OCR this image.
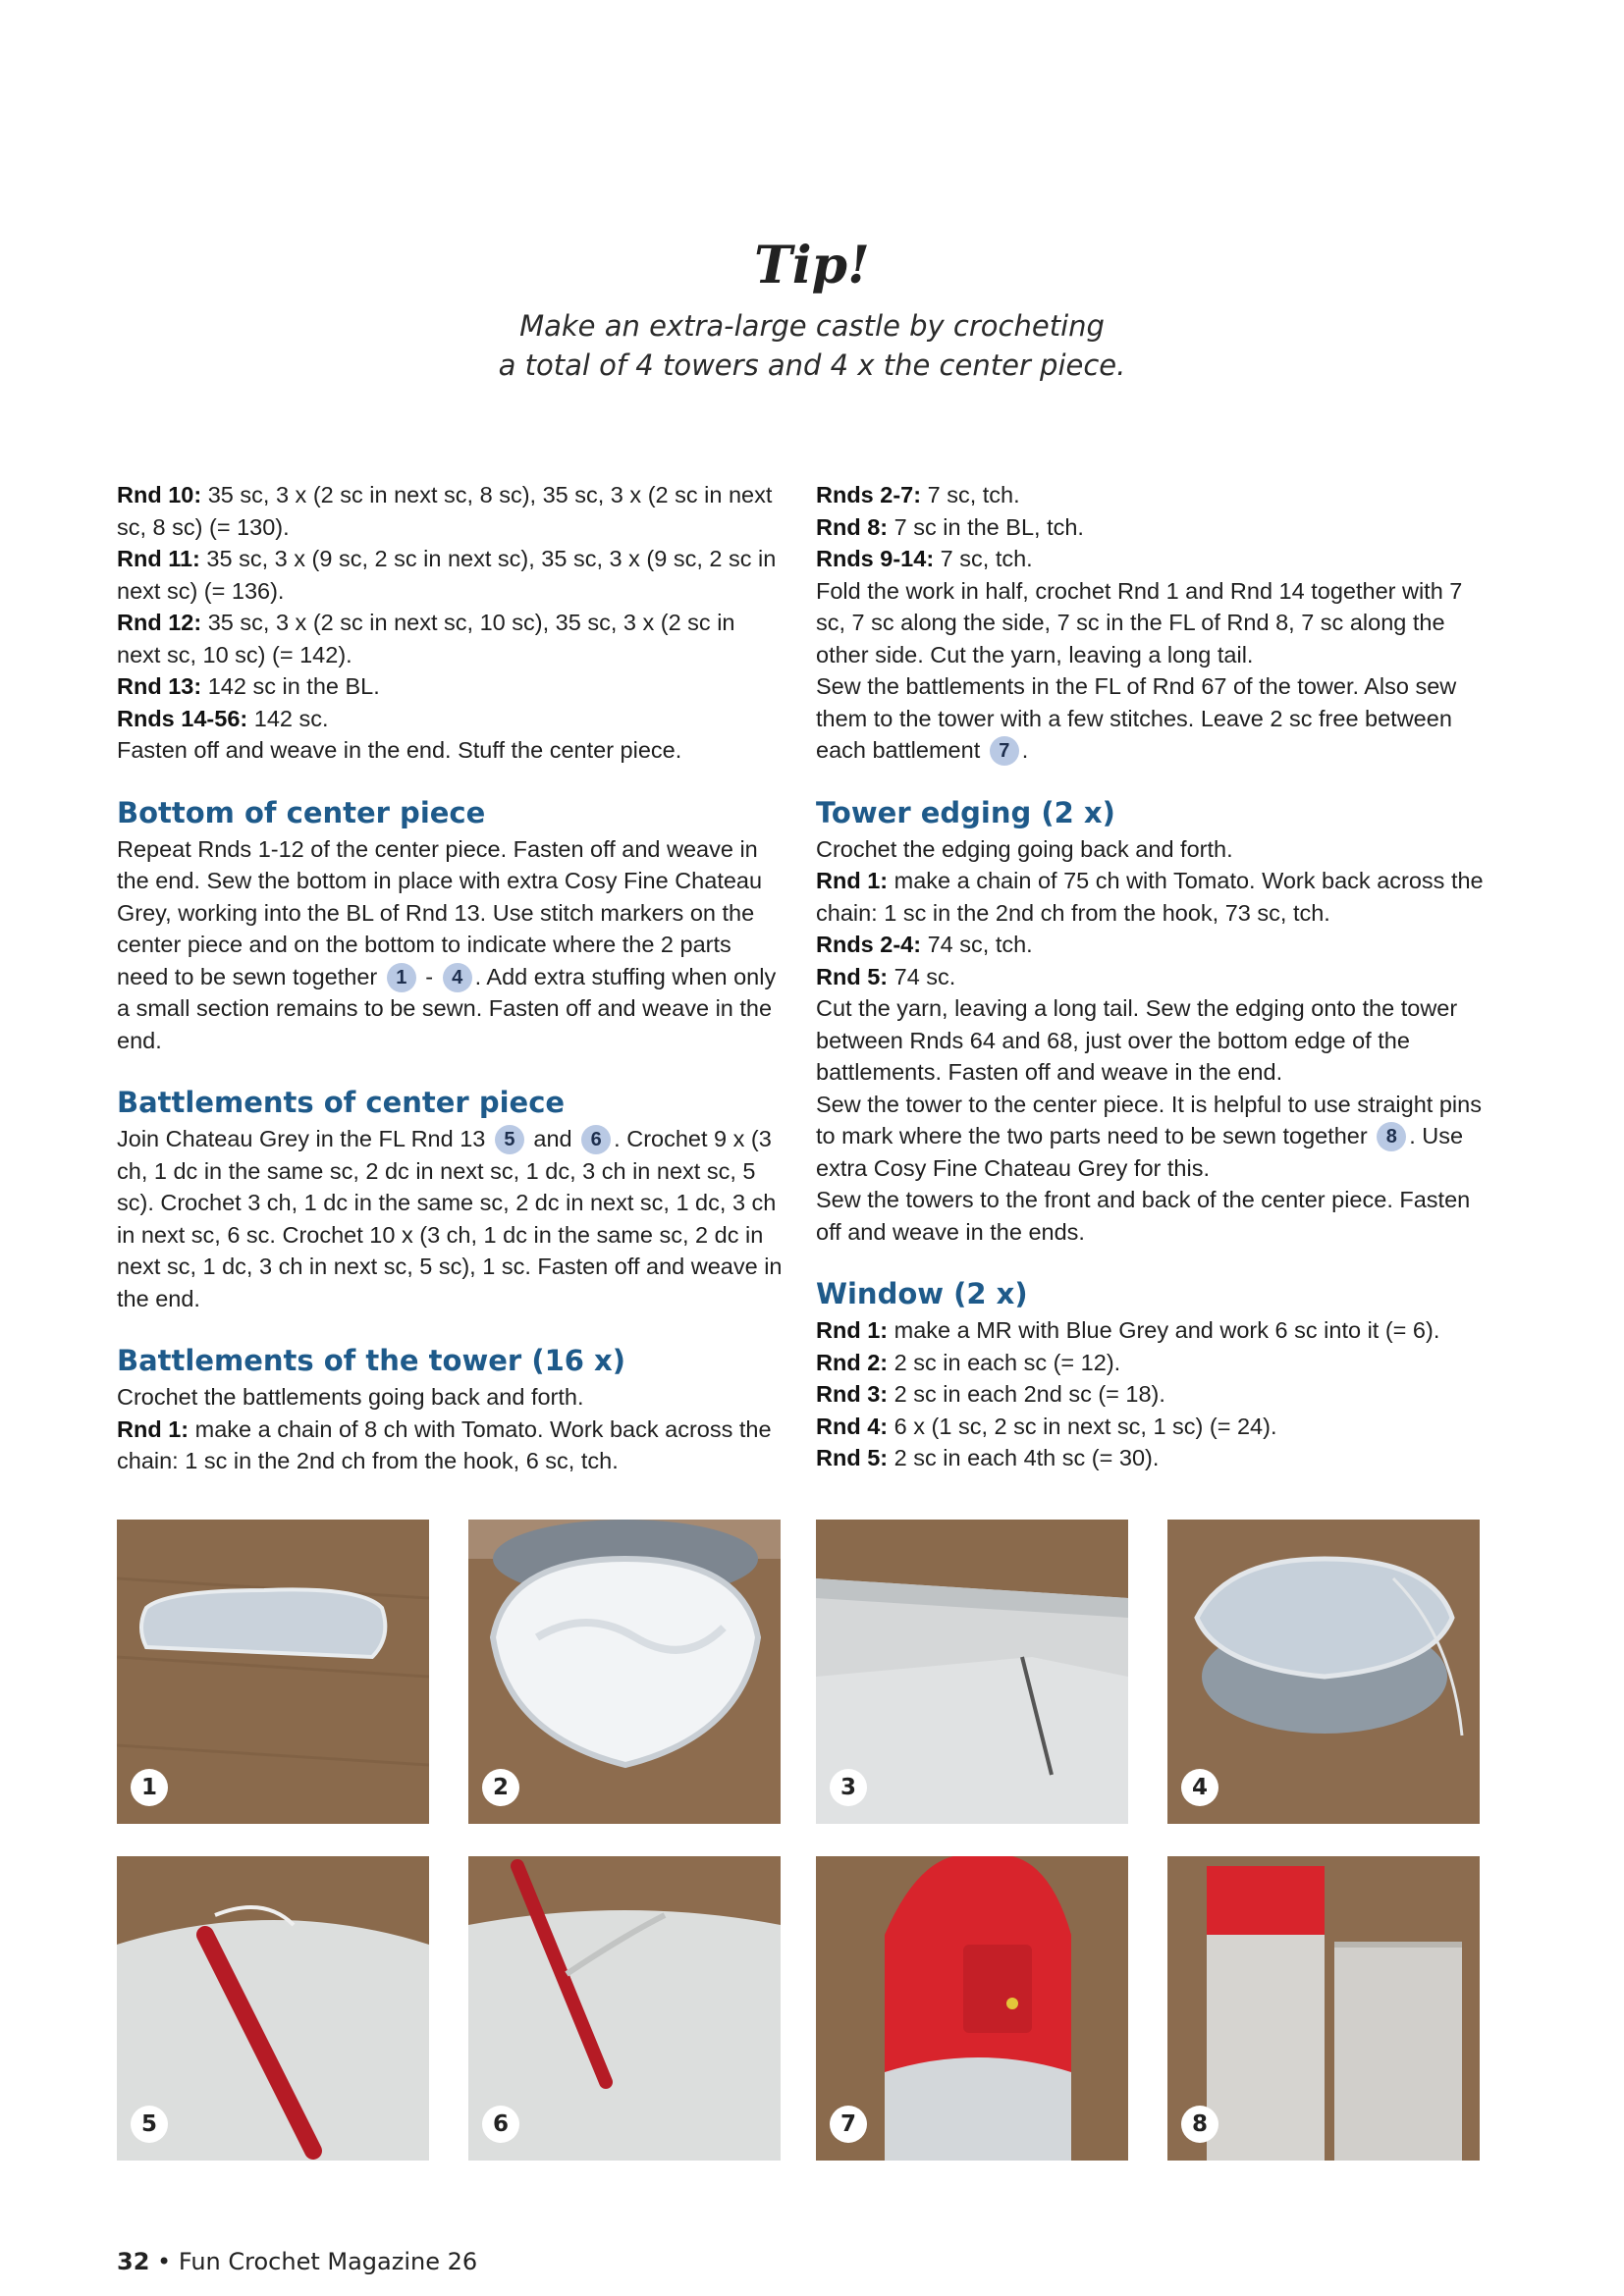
Tip!
Make an extra-large castle by crocheting
a total of 4 towers and 4 x the center piece.

Rnd 10: 35 sc, 3 x (2 sc in next sc, 8 sc), 35 sc, 3 x (2 sc in next sc, 8 sc) (= 130).

Rnd 11: 35 sc, 3 x (9 sc, 2 sc in next sc), 35 sc, 3 x (9 sc, 2 sc in next sc) (= 136).

Rnd 12: 35 sc, 3 x (2 sc in next sc, 10 sc), 35 sc, 3 x (2 sc in next sc, 10 sc) (= 142).

Rnd 13: 142 sc in the BL.

Rnds 14-56: 142 sc.

Fasten off and weave in the end. Stuff the center piece.

Bottom of center piece

Repeat Rnds 1-12 of the center piece. Fasten off and weave in the end. Sew the bottom in place with extra Cosy Fine Chateau Grey, working into the BL of Rnd 13. Use stitch markers on the center piece and on the bottom to indicate where the 2 parts need to be sewn together 1 - 4 . Add extra stuffing when only a small section remains to be sewn. Fasten off and weave in the end.

Battlements of center piece

Join Chateau Grey in the FL Rnd 13 5 and 6 . Crochet 9 x (3 ch, 1 dc in the same sc, 2 dc in next sc, 1 dc, 3 ch in next sc, 5 sc). Crochet 3 ch, 1 dc in the same sc, 2 dc in next sc, 1 dc, 3 ch in next sc, 6 sc. Crochet 10 x (3 ch, 1 dc in the same sc, 2 dc in next sc, 1 dc, 3 ch in next sc, 5 sc), 1 sc. Fasten off and weave in the end.

Battlements of the tower (16 x)

Crochet the battlements going back and forth.

Rnd 1: make a chain of 8 ch with Tomato. Work back across the chain: 1 sc in the 2nd ch from the hook, 6 sc, tch.

Rnds 2-7: 7 sc, tch.

Rnd 8: 7 sc in the BL, tch.

Rnds 9-14: 7 sc, tch.

Fold the work in half, crochet Rnd 1 and Rnd 14 together with 7 sc, 7 sc along the side, 7 sc in the FL of Rnd 8, 7 sc along the other side. Cut the yarn, leaving a long tail.

Sew the battlements in the FL of Rnd 67 of the tower. Also sew them to the tower with a few stitches. Leave 2 sc free between each battlement 7 .

Tower edging (2 x)

Crochet the edging going back and forth.

Rnd 1: make a chain of 75 ch with Tomato. Work back across the chain: 1 sc in the 2nd ch from the hook, 73 sc, tch.

Rnds 2-4: 74 sc, tch.

Rnd 5: 74 sc.

Cut the yarn, leaving a long tail. Sew the edging onto the tower between Rnds 64 and 68, just over the bottom edge of the battlements. Fasten off and weave in the end.

Sew the tower to the center piece. It is helpful to use straight pins to mark where the two parts need to be sewn together 8 . Use extra Cosy Fine Chateau Grey for this.

Sew the towers to the front and back of the center piece. Fasten off and weave in the ends.

Window (2 x)

Rnd 1: make a MR with Blue Grey and work 6 sc into it (= 6).

Rnd 2: 2 sc in each sc (= 12).

Rnd 3: 2 sc in each 2nd sc (= 18).

Rnd 4: 6 x (1 sc, 2 sc in next sc, 1 sc) (= 24).

Rnd 5: 2 sc in each 4th sc (= 30).

1	2	3	4
5	6	7	8
32 • Fun Crochet Magazine 26
